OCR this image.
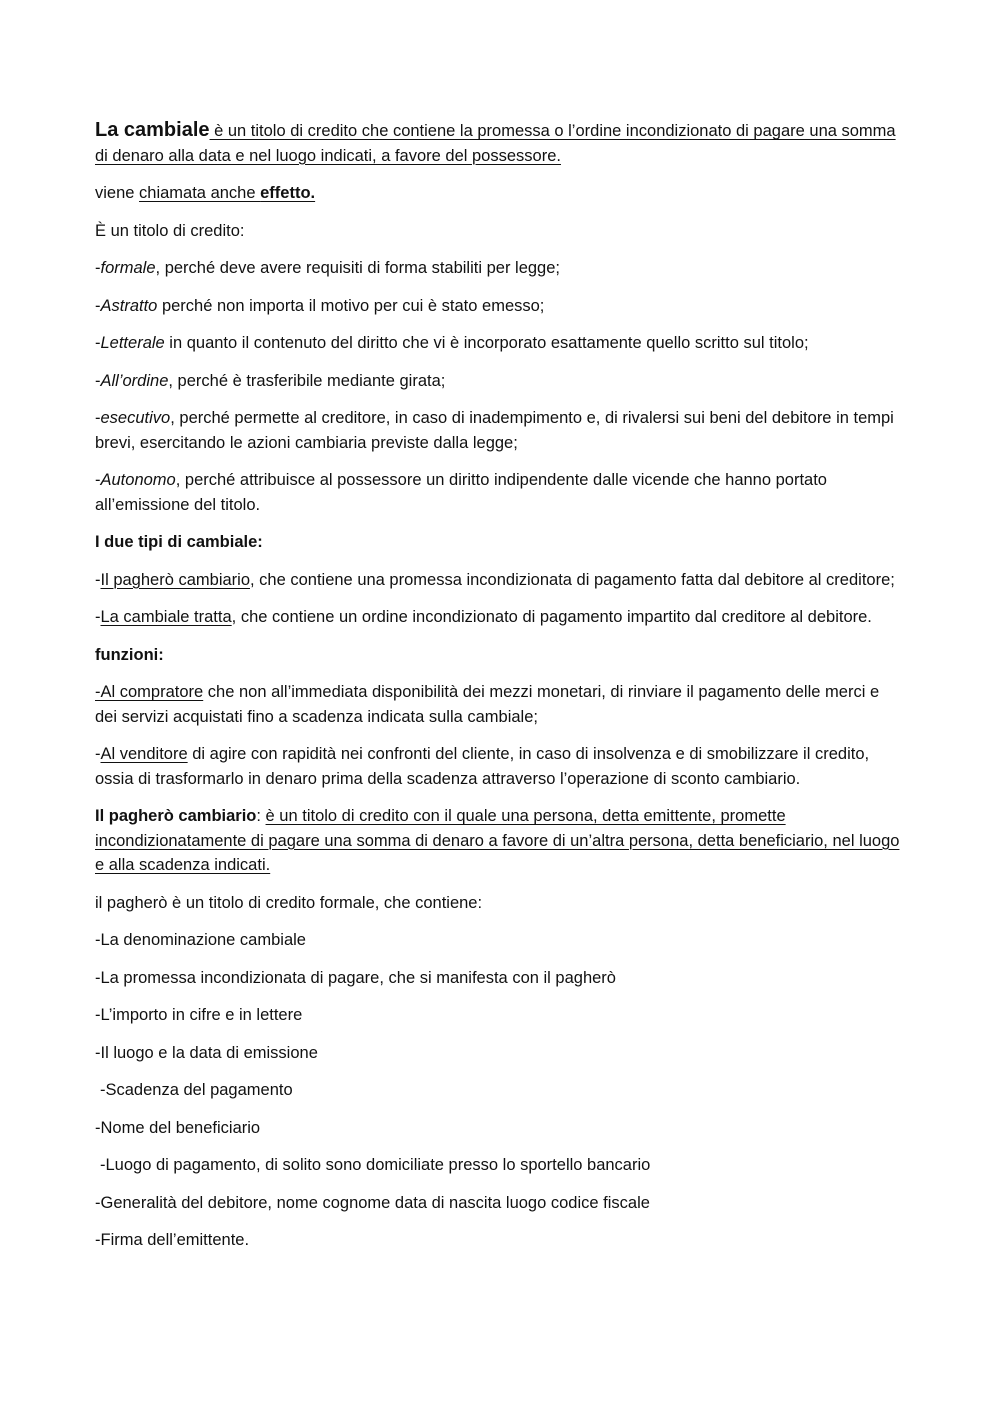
La cambiale è un titolo di credito che contiene la promessa o l’ordine incondizionato di pagare una somma di denaro alla data e nel luogo indicati, a favore del possessore.

viene chiamata anche effetto.

È un titolo di credito:

-formale, perché deve avere requisiti di forma stabiliti per legge;

-Astratto perché non importa il motivo per cui è stato emesso;

-Letterale in quanto il contenuto del diritto che vi è incorporato esattamente quello scritto sul titolo;

-All’ordine, perché è trasferibile mediante girata;

-esecutivo, perché permette al creditore, in caso di inadempimento e, di rivalersi sui beni del debitore in tempi brevi, esercitando le azioni cambiaria previste dalla legge;

-Autonomo, perché attribuisce al possessore un diritto indipendente dalle vicende che hanno portato all’emissione del titolo.

I due tipi di cambiale:

-Il pagherò cambiario, che contiene una promessa incondizionata di pagamento fatta dal debitore al creditore;

-La cambiale tratta, che contiene un ordine incondizionato di pagamento impartito dal creditore al debitore.

funzioni:

-Al compratore che non all’immediata disponibilità dei mezzi monetari, di rinviare il pagamento delle merci e dei servizi acquistati fino a scadenza indicata sulla cambiale;

-Al venditore di agire con rapidità nei confronti del cliente, in caso di insolvenza e di smobilizzare il credito, ossia di trasformarlo in denaro prima della scadenza attraverso l’operazione di sconto cambiario.

Il pagherò cambiario: è un titolo di credito con il quale una persona, detta emittente, promette incondizionatamente di pagare una somma di denaro a favore di un’altra persona, detta beneficiario, nel luogo e alla scadenza indicati.

il pagherò è un titolo di credito formale, che contiene:

-La denominazione cambiale

-La promessa incondizionata di pagare, che si manifesta con il pagherò

-L’importo in cifre e in lettere

-Il luogo e la data di emissione

-Scadenza del pagamento

-Nome del beneficiario

-Luogo di pagamento, di solito sono domiciliate presso lo sportello bancario

-Generalità del debitore, nome cognome data di nascita luogo codice fiscale

-Firma dell’emittente.
